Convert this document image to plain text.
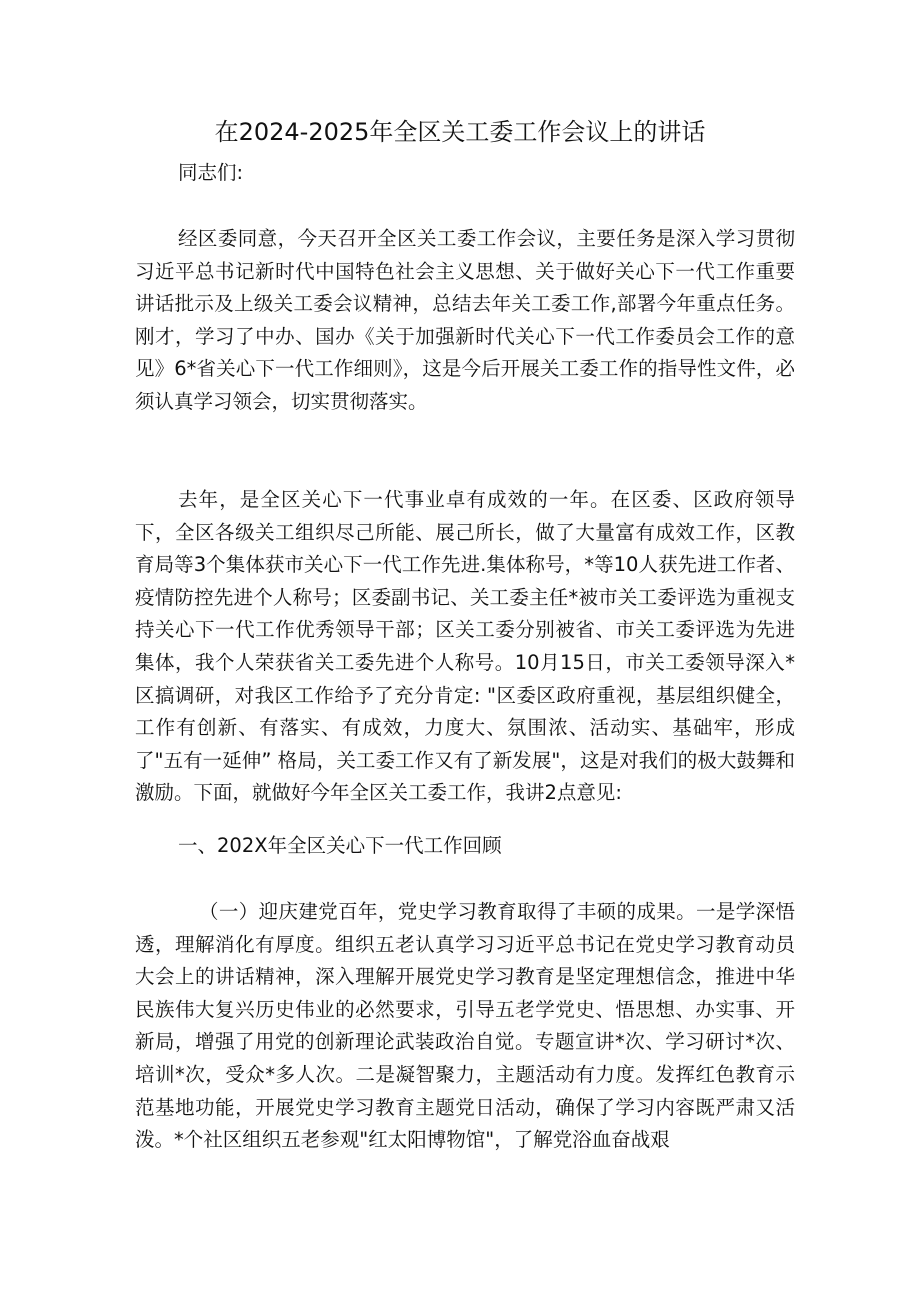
在2024-2025年全区关工委工作会议上的讲话
同志们:

经区委同意，今天召开全区关工委工作会议，主要任务是深入学习贯彻习近平总书记新时代中国特色社会主义思想、关于做好关心下一代工作重要讲话批示及上级关工委会议精神，总结去年关工委工作,部署今年重点任务。刚才，学习了中办、国办《关于加强新时代关心下一代工作委员会工作的意见》6*省关心下一代工作细则》，这是今后开展关工委工作的指导性文件，必须认真学习领会，切实贯彻落实。

去年，是全区关心下一代事业卓有成效的一年。在区委、区政府领导下，全区各级关工组织尽己所能、展己所长，做了大量富有成效工作，区教育局等3个集体获市关心下一代工作先进.集体称号，*等10人获先进工作者、疫情防控先进个人称号；区委副书记、关工委主任*被市关工委评选为重视支持关心下一代工作优秀领导干部；区关工委分别被省、市关工委评选为先进集体，我个人荣获省关工委先进个人称号。10月15日，市关工委领导深入*区搞调研，对我区工作给予了充分肯定: "区委区政府重视，基层组织健全，工作有创新、有落实、有成效，力度大、氛围浓、活动实、基础牢，形成了"五有一延伸” 格局，关工委工作又有了新发展"，这是对我们的极大鼓舞和激励。下面，就做好今年全区关工委工作，我讲2点意见:

一、202X年全区关心下一代工作回顾

（一）迎庆建党百年，党史学习教育取得了丰硕的成果。一是学深悟透，理解消化有厚度。组织五老认真学习习近平总书记在党史学习教育动员大会上的讲话精神，深入理解开展党史学习教育是坚定理想信念，推进中华民族伟大复兴历史伟业的必然要求，引导五老学党史、悟思想、办实事、开新局，增强了用党的创新理论武装政治自觉。专题宣讲*次、学习研讨*次、培训*次，受众*多人次。二是凝智聚力，主题活动有力度。发挥红色教育示范基地功能，开展党史学习教育主题党日活动，确保了学习内容既严肃又活泼。*个社区组织五老参观"红太阳博物馆"，了解党浴血奋战艰
